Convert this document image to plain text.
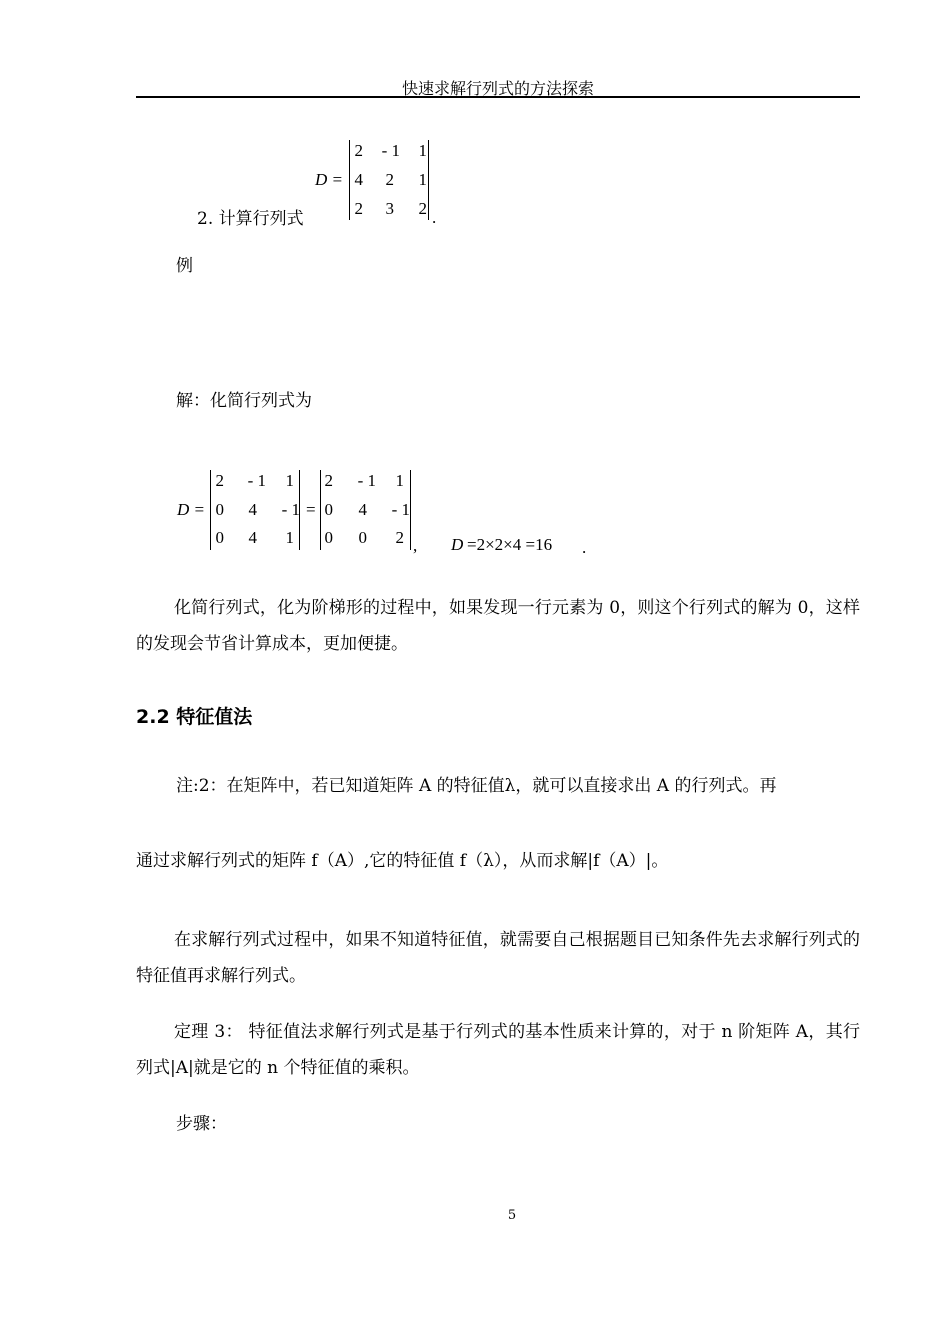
快速求解行列式的方法探索
D =
2	- 1	1
4	2	1
2	3	2
2. 计算行列式	.
例
解：化简行列式为
D =
2	- 1	1
0	4	- 1
0	4	1
=
2	- 1	1
0	4	- 1
0	0	2 , D =2×2×4 =16 .
化简行列式，化为阶梯形的过程中，如果发现一行元素为 0，则这个行列式的解为 0，这样的发现会节省计算成本，更加便捷。
2.2 特征值法
注:2：在矩阵中，若已知道矩阵 A 的特征值λ，就可以直接求出 A 的行列式。再
通过求解行列式的矩阵 f（A）,它的特征值 f（λ），从而求解|f（A）|。
在求解行列式过程中，如果不知道特征值，就需要自己根据题目已知条件先去求解行列式的特征值再求解行列式。
定理 3： 特征值法求解行列式是基于行列式的基本性质来计算的，对于 n 阶矩阵 A，其行列式|A|就是它的 n 个特征值的乘积。
步骤：
5
